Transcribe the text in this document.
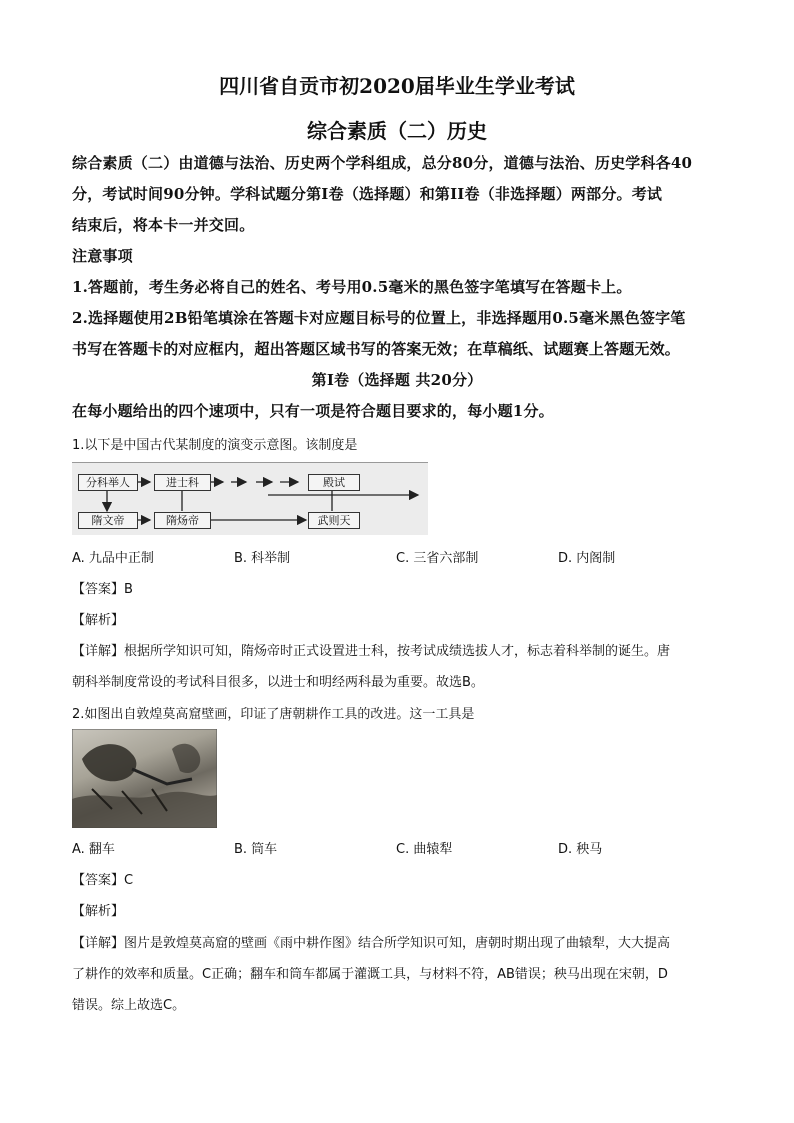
四川省自贡市初2020届毕业生学业考试
综合素质（二）历史
综合素质（二）由道德与法治、历史两个学科组成，总分80分，道德与法治、历史学科各40
分，考试时间90分钟。学科试题分第I卷（选择题）和第II卷（非选择题）两部分。考试
结束后，将本卡一并交回。
注意事项
1.答题前，考生务必将自己的姓名、考号用0.5毫米的黑色签字笔填写在答题卡上。
2.选择题使用2B铅笔填涂在答题卡对应题目标号的位置上，非选择题用0.5毫米黑色签字笔
书写在答题卡的对应框内，超出答题区域书写的答案无效；在草稿纸、试题赛上答题无效。
第I卷（选择题 共20分）
在每小题给出的四个速项中，只有一项是符合题目要求的，每小题1分。
1.以下是中国古代某制度的演变示意图。该制度是
分科举人	进士科	殿试
隋文帝	隋炀帝	武则天
A. 九品中正制	B. 科举制	C. 三省六部制	D. 内阁制
【答案】B
【解析】
【详解】根据所学知识可知，隋炀帝时正式设置进士科，按考试成绩选拔人才，标志着科举制的诞生。唐
朝科举制度常设的考试科目很多，以进士和明经两科最为重要。故选B。
2.如图出自敦煌莫高窟壁画，印证了唐朝耕作工具的改进。这一工具是
A. 翻车	B. 筒车	C. 曲辕犁	D. 秧马
【答案】C
【解析】
【详解】图片是敦煌莫高窟的壁画《雨中耕作图》结合所学知识可知，唐朝时期出现了曲辕犁，大大提高
了耕作的效率和质量。C正确；翻车和筒车都属于灌溉工具，与材料不符，AB错误；秧马出现在宋朝，D
错误。综上故选C。
